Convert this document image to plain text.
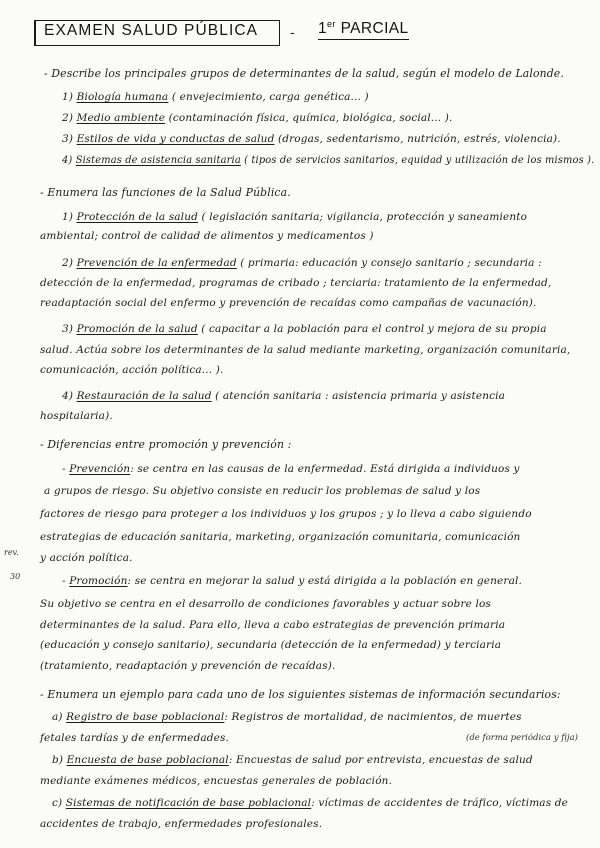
EXAMEN SALUD PÚBLICA - 1er PARCIAL
- Describe los principales grupos de determinantes de la salud, según el modelo de Lalonde.
1) Biología humana ( envejecimiento, carga genética... )
2) Medio ambiente (contaminación física, química, biológica, social... ).
3) Estilos de vida y conductas de salud (drogas, sedentarismo, nutrición, estrés, violencia).
4) Sistemas de asistencia sanitaria ( tipos de servicios sanitarios, equidad y utilización de los mismos ).
- Enumera las funciones de la Salud Pública.
1) Protección de la salud ( legislación sanitaria; vigilancia, protección y saneamiento
ambiental; control de calidad de alimentos y medicamentos )
2) Prevención de la enfermedad ( primaria: educación y consejo sanitario ; secundaria :
detección de la enfermedad, programas de cribado ; terciaria: tratamiento de la enfermedad,
readaptación social del enfermo y prevención de recaídas como campañas de vacunación).
3) Promoción de la salud ( capacitar a la población para el control y mejora de su propia
salud. Actúa sobre los determinantes de la salud mediante marketing, organización comunitaria,
comunicación, acción política... ).
4) Restauración de la salud ( atención sanitaria : asistencia primaria y asistencia
hospitalaria).
- Diferencias entre promoción y prevención :
- Prevención: se centra en las causas de la enfermedad. Está dirigida a individuos y
a grupos de riesgo. Su objetivo consiste en reducir los problemas de salud y los
factores de riesgo para proteger a los individuos y los grupos ; y lo lleva a cabo siguiendo
estrategias de educación sanitaria, marketing, organización comunitaria, comunicación
y acción política.
rev.
30	- Promoción: se centra en mejorar la salud y está dirigida a la población en general.
Su objetivo se centra en el desarrollo de condiciones favorables y actuar sobre los
determinantes de la salud. Para ello, lleva a cabo estrategias de prevención primaria
(educación y consejo sanitario), secundaria (detección de la enfermedad) y terciaria
(tratamiento, readaptación y prevención de recaídas).
- Enumera un ejemplo para cada uno de los siguientes sistemas de información secundarios:
a) Registro de base poblacional: Registros de mortalidad, de nacimientos, de muertes
fetales tardías y de enfermedades.	(de forma periódica y fija)
b) Encuesta de base poblacional: Encuestas de salud por entrevista, encuestas de salud
mediante exámenes médicos, encuestas generales de población.
c) Sistemas de notificación de base poblacional: víctimas de accidentes de tráfico, víctimas de
accidentes de trabajo, enfermedades profesionales.
